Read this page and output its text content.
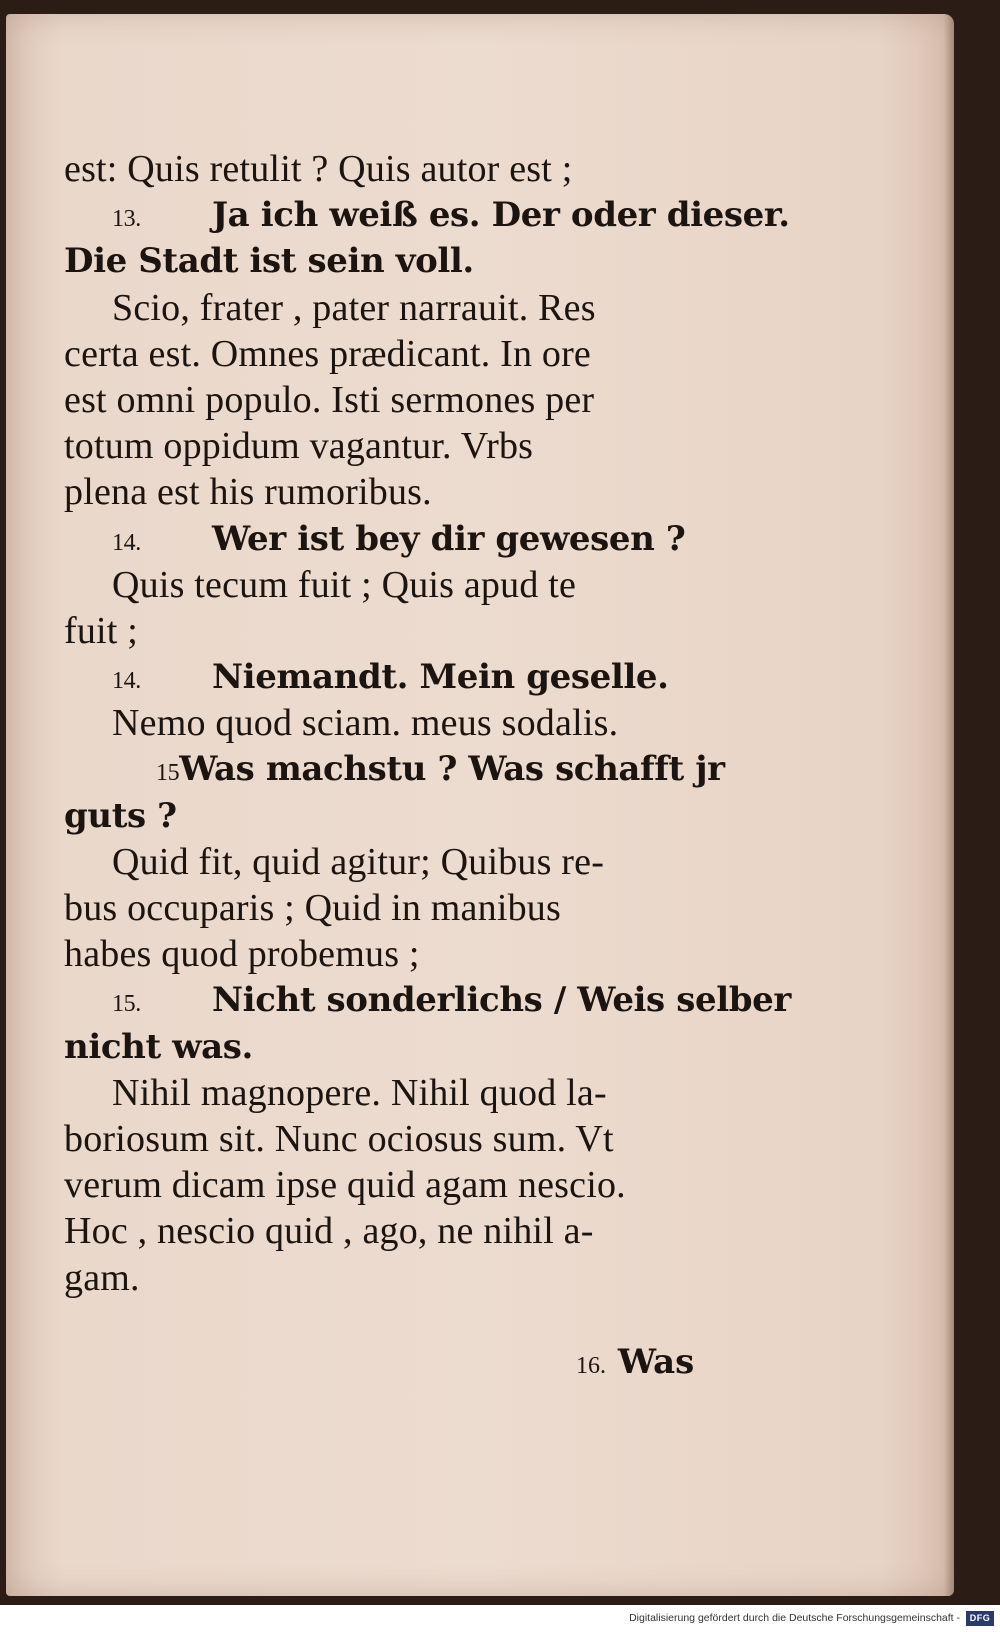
est: Quis retulit ? Quis autor est ;
13. Ja ich weiß es. Der oder dieser.
Die Stadt ist sein voll.
Scio, frater , pater narrauit. Res
certa est. Omnes prædicant. In ore
est omni populo. Isti sermones per
totum oppidum vagantur. Vrbs
plena est his rumoribus.
14. Wer ist bey dir gewesen ?
Quis tecum fuit ; Quis apud te
fuit ;
14. Niemandt. Mein geselle.
Nemo quod sciam. meus sodalis.
15Was machstu ? Was schafft jr
guts ?
Quid fit, quid agitur; Quibus re-
bus occuparis ; Quid in manibus
habes quod probemus ;
15. Nicht sonderlichs / Weis selber
nicht was.
Nihil magnopere. Nihil quod la-
boriosum sit. Nunc ociosus sum. Vt
verum dicam ipse quid agam nescio.
Hoc , nescio quid , ago, ne nihil a-
gam.
16. Was
Digitalisierung gefördert durch die Deutsche Forschungsgemeinschaft -	DFG
